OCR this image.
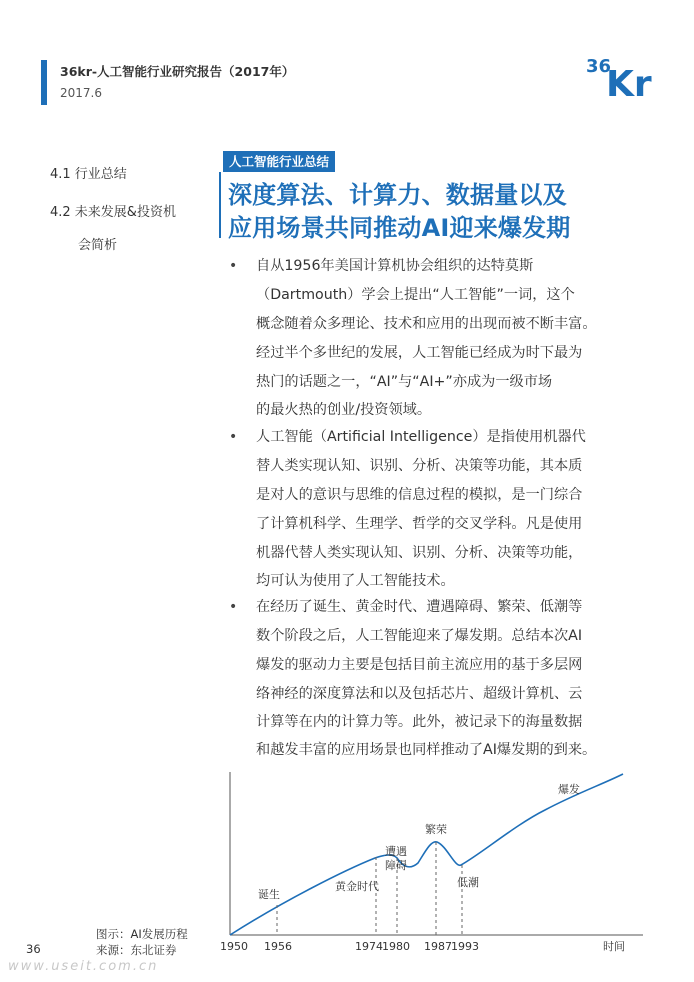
36kr-人工智能行业研究报告（2017年）
2017.6
36
Kr
4.1 行业总结
4.2 未来发展&投资机
会简析
人工智能行业总结
深度算法、计算力、数据量以及
应用场景共同推动AI迎来爆发期
• 自从1956年美国计算机协会组织的达特莫斯
（Dartmouth）学会上提出“人工智能”一词，这个
概念随着众多理论、技术和应用的出现而被不断丰富。
经过半个多世纪的发展，人工智能已经成为时下最为
热门的话题之一，“AI”与“AI+”亦成为一级市场
的最火热的创业/投资领域。
• 人工智能（Artificial Intelligence）是指使用机器代
替人类实现认知、识别、分析、决策等功能，其本质
是对人的意识与思维的信息过程的模拟，是一门综合
了计算机科学、生理学、哲学的交叉学科。凡是使用
机器代替人类实现认知、识别、分析、决策等功能，
均可认为使用了人工智能技术。
• 在经历了诞生、黄金时代、遭遇障碍、繁荣、低潮等
数个阶段之后，人工智能迎来了爆发期。总结本次AI
爆发的驱动力主要是包括目前主流应用的基于多层网
络神经的深度算法和以及包括芯片、超级计算机、云
计算等在内的计算力等。此外，被记录下的海量数据
和越发丰富的应用场景也同样推动了AI爆发期的到来。
诞生
黄金时代
遭遇
障碍
繁荣
低潮
爆发
1950 1956	1974 1980 1987 1993	时间
图示：AI发展历程
来源：东北证券
36
www.useit.com.cn
